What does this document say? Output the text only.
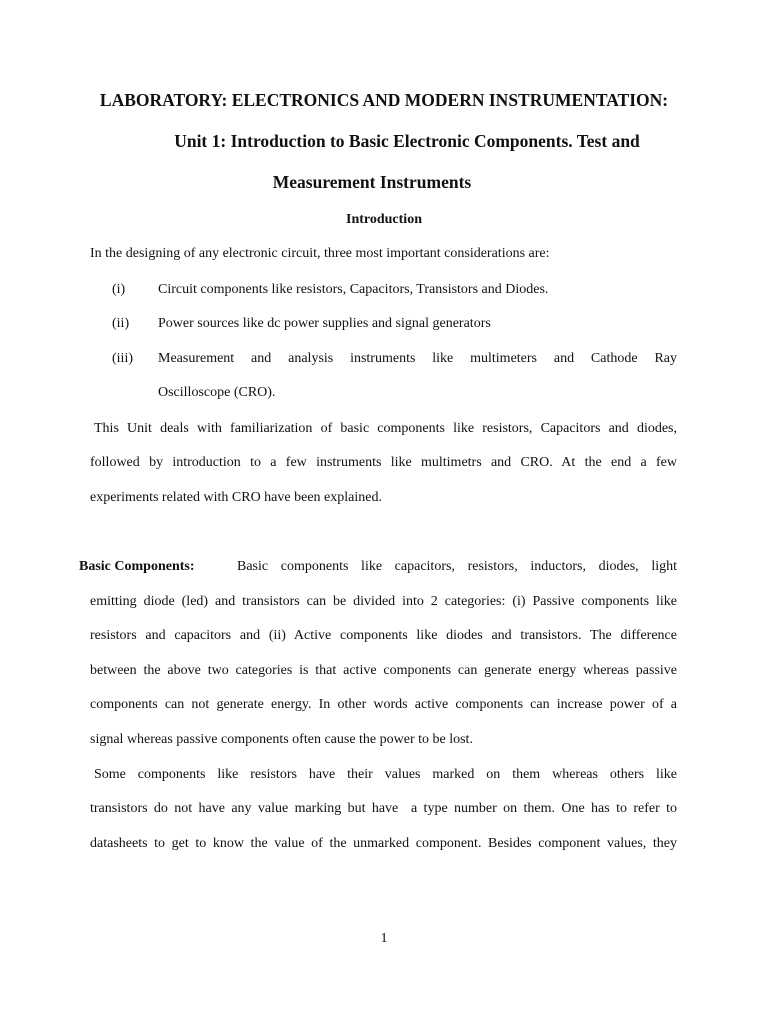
LABORATORY: ELECTRONICS AND MODERN INSTRUMENTATION:
Unit 1: Introduction to Basic Electronic Components. Test and
Measurement Instruments
Introduction
In the designing of any electronic circuit, three most important considerations are:
(i) Circuit components like resistors, Capacitors, Transistors and Diodes.
(ii) Power sources like dc power supplies and signal generators
(iii) Measurement and analysis instruments like multimeters and Cathode Ray
Oscilloscope (CRO).
This Unit deals with familiarization of basic components like resistors, Capacitors and diodes,
followed by introduction to a few instruments like multimetrs and CRO. At the end a few
experiments related with CRO have been explained.
Basic Components:	Basic components like capacitors, resistors, inductors, diodes, light
emitting diode (led) and transistors can be divided into 2 categories: (i) Passive components like
resistors and capacitors and (ii) Active components like diodes and transistors. The difference
between the above two categories is that active components can generate energy whereas passive
components can not generate energy. In other words active components can increase power of a
signal whereas passive components often cause the power to be lost.
Some components like resistors have their values marked on them whereas others like
transistors do not have any value marking but have  a type number on them. One has to refer to
datasheets to get to know the value of the unmarked component. Besides component values, they
1
